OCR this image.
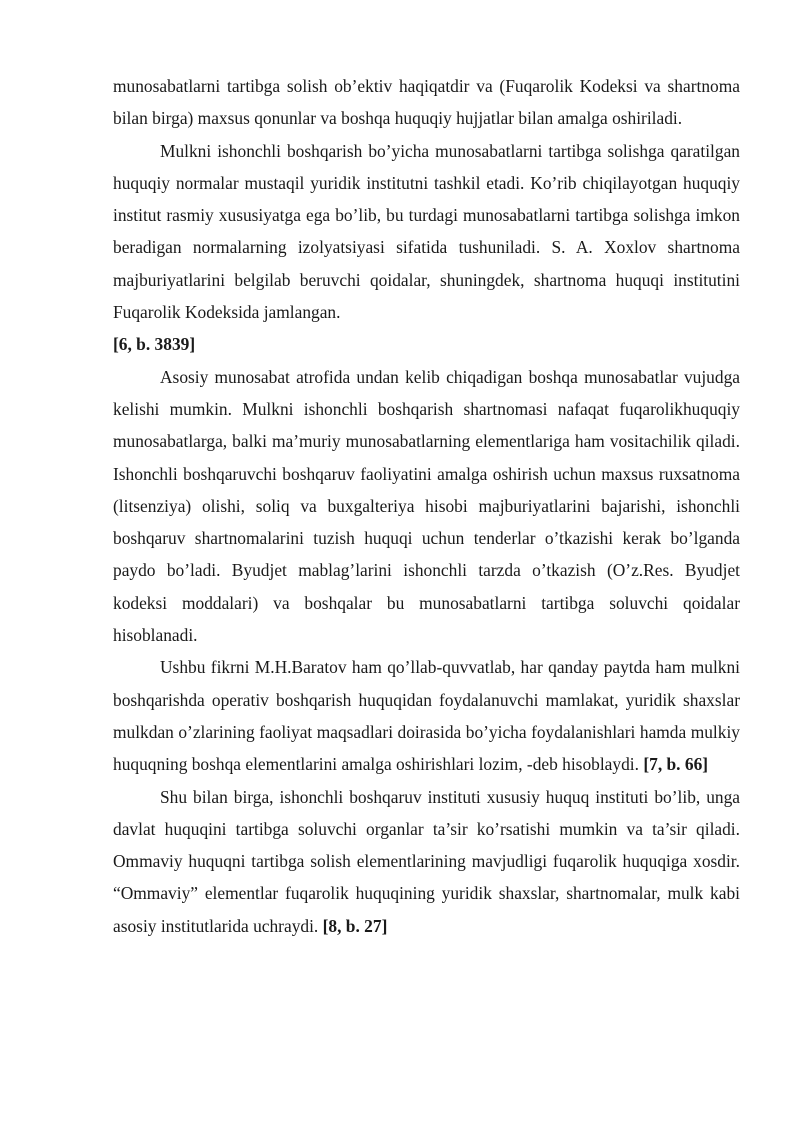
munosabatlarni tartibga solish ob’ektiv haqiqatdir va (Fuqarolik Kodeksi va shartnoma bilan birga) maxsus qonunlar va boshqa huquqiy hujjatlar bilan amalga oshiriladi.

Mulkni ishonchli boshqarish bo’yicha munosabatlarni tartibga solishga qaratilgan huquqiy normalar mustaqil yuridik institutni tashkil etadi. Ko’rib chiqilayotgan huquqiy institut rasmiy xususiyatga ega bo’lib, bu turdagi munosabatlarni tartibga solishga imkon beradigan normalarning izolyatsiyasi sifatida tushuniladi. S. A. Xoxlov shartnoma majburiyatlarini belgilab beruvchi qoidalar, shuningdek, shartnoma huquqi institutini Fuqarolik Kodeksida jamlangan.
[6, b. 3839]

Asosiy munosabat atrofida undan kelib chiqadigan boshqa munosabatlar vujudga kelishi mumkin. Mulkni ishonchli boshqarish shartnomasi nafaqat fuqarolikhuquqiy munosabatlarga, balki ma’muriy munosabatlarning elementlariga ham vositachilik qiladi. Ishonchli boshqaruvchi boshqaruv faoliyatini amalga oshirish uchun maxsus ruxsatnoma (litsenziya) olishi, soliq va buxgalteriya hisobi majburiyatlarini bajarishi, ishonchli boshqaruv shartnomalarini tuzish huquqi uchun tenderlar o’tkazishi kerak bo’lganda paydo bo’ladi. Byudjet mablag’larini ishonchli tarzda o’tkazish (O’z.Res. Byudjet kodeksi moddalari) va boshqalar bu munosabatlarni tartibga soluvchi qoidalar hisoblanadi.

Ushbu fikrni M.H.Baratov ham qo’llab-quvvatlab, har qanday paytda ham mulkni boshqarishda operativ boshqarish huquqidan foydalanuvchi mamlakat, yuridik shaxslar mulkdan o’zlarining faoliyat maqsadlari doirasida bo’yicha foydalanishlari hamda mulkiy huquqning boshqa elementlarini amalga oshirishlari lozim, -deb hisoblaydi. [7, b. 66]

Shu bilan birga, ishonchli boshqaruv instituti xususiy huquq instituti bo’lib, unga davlat huquqini tartibga soluvchi organlar ta’sir ko’rsatishi mumkin va ta’sir qiladi. Ommaviy huquqni tartibga solish elementlarining mavjudligi fuqarolik huquqiga xosdir. “Ommaviy” elementlar fuqarolik huquqining yuridik shaxslar, shartnomalar, mulk kabi asosiy institutlarida uchraydi. [8, b. 27]
